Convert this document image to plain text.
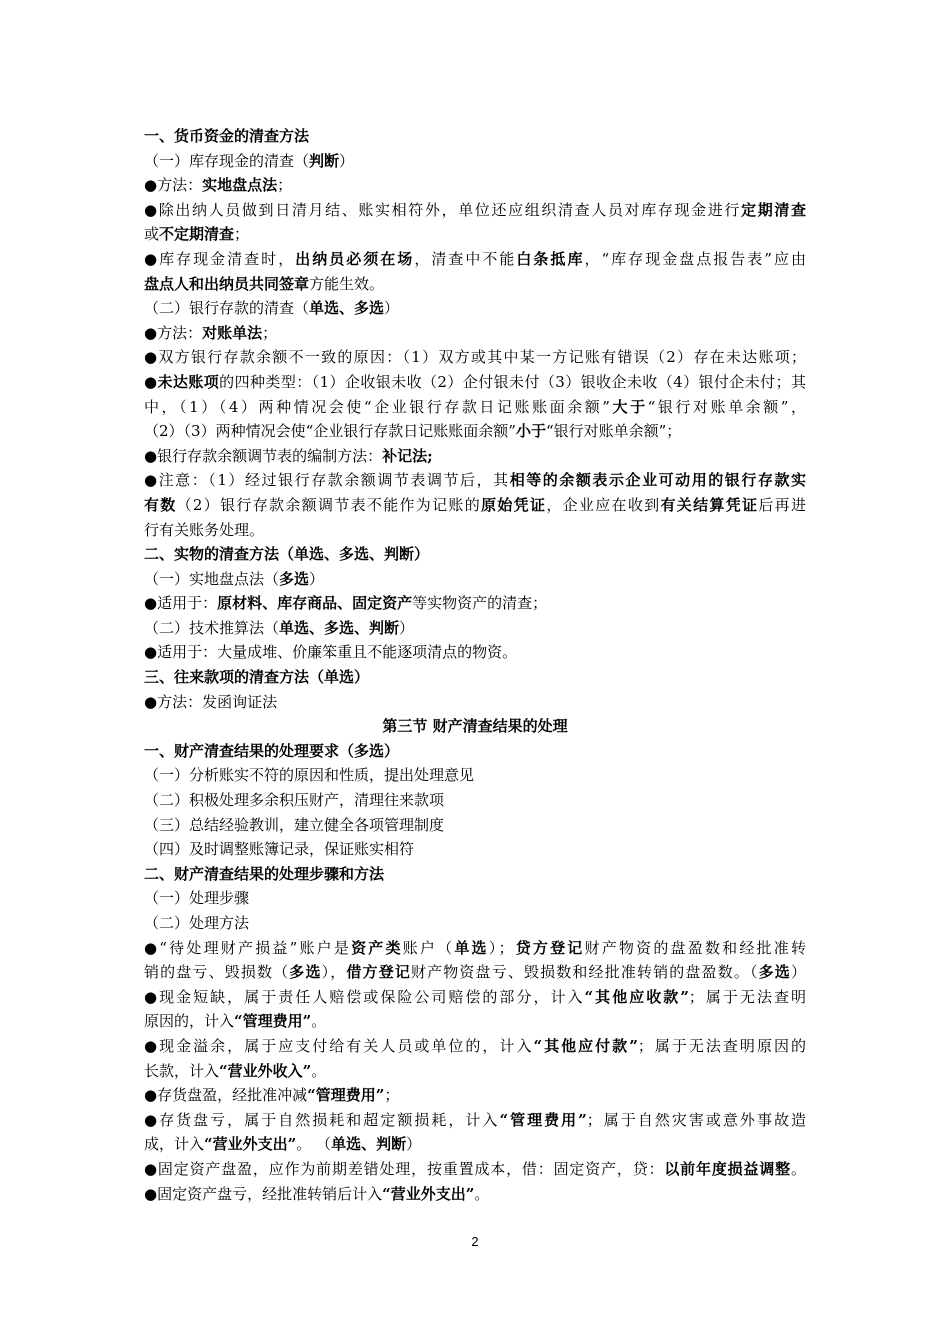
一、货币资金的清查方法
（一）库存现金的清查（判断）
●方法：实地盘点法；
●除出纳人员做到日清月结、账实相符外，单位还应组织清查人员对库存现金进行定期清查
或不定期清查；
●库存现金清查时，出纳员必须在场，清查中不能白条抵库，“库存现金盘点报告表”应由
盘点人和出纳员共同签章方能生效。
（二）银行存款的清查（单选、多选）
●方法：对账单法；
●双方银行存款余额不一致的原因：（1）双方或其中某一方记账有错误（2）存在未达账项；
●未达账项的四种类型：（1）企收银未收（2）企付银未付（3）银收企未收（4）银付企未付；其
中，（1）（4）两种情况会使“企业银行存款日记账账面余额”大于“银行对账单余额”，
（2）（3）两种情况会使“企业银行存款日记账账面余额”小于“银行对账单余额”；
●银行存款余额调节表的编制方法：补记法;
●注意：（1）经过银行存款余额调节表调节后，其相等的余额表示企业可动用的银行存款实
有数（2）银行存款余额调节表不能作为记账的原始凭证，企业应在收到有关结算凭证后再进
行有关账务处理。
二、实物的清查方法（单选、多选、判断）
（一）实地盘点法（多选）
●适用于：原材料、库存商品、固定资产等实物资产的清查；
（二）技术推算法（单选、多选、判断）
●适用于：大量成堆、价廉笨重且不能逐项清点的物资。
三、往来款项的清查方法（单选）
●方法：发函询证法
第三节 财产清查结果的处理
一、财产清查结果的处理要求（多选）
（一）分析账实不符的原因和性质，提出处理意见
（二）积极处理多余积压财产，清理往来款项
（三）总结经验教训，建立健全各项管理制度
（四）及时调整账簿记录，保证账实相符
二、财产清查结果的处理步骤和方法
（一）处理步骤
（二）处理方法
●“待处理财产损益”账户是资产类账户（单选）；贷方登记财产物资的盘盈数和经批准转
销的盘亏、毁损数（多选），借方登记财产物资盘亏、毁损数和经批准转销的盘盈数。（多选）
●现金短缺，属于责任人赔偿或保险公司赔偿的部分，计入“其他应收款”；属于无法查明
原因的，计入“管理费用”。
●现金溢余，属于应支付给有关人员或单位的，计入“其他应付款”；属于无法查明原因的
长款，计入“营业外收入”。
●存货盘盈，经批准冲减“管理费用”；
●存货盘亏，属于自然损耗和超定额损耗，计入“管理费用”；属于自然灾害或意外事故造
成，计入“营业外支出”。 （单选、判断）
●固定资产盘盈，应作为前期差错处理，按重置成本，借：固定资产，贷：以前年度损益调整。
●固定资产盘亏，经批准转销后计入“营业外支出”。
2
